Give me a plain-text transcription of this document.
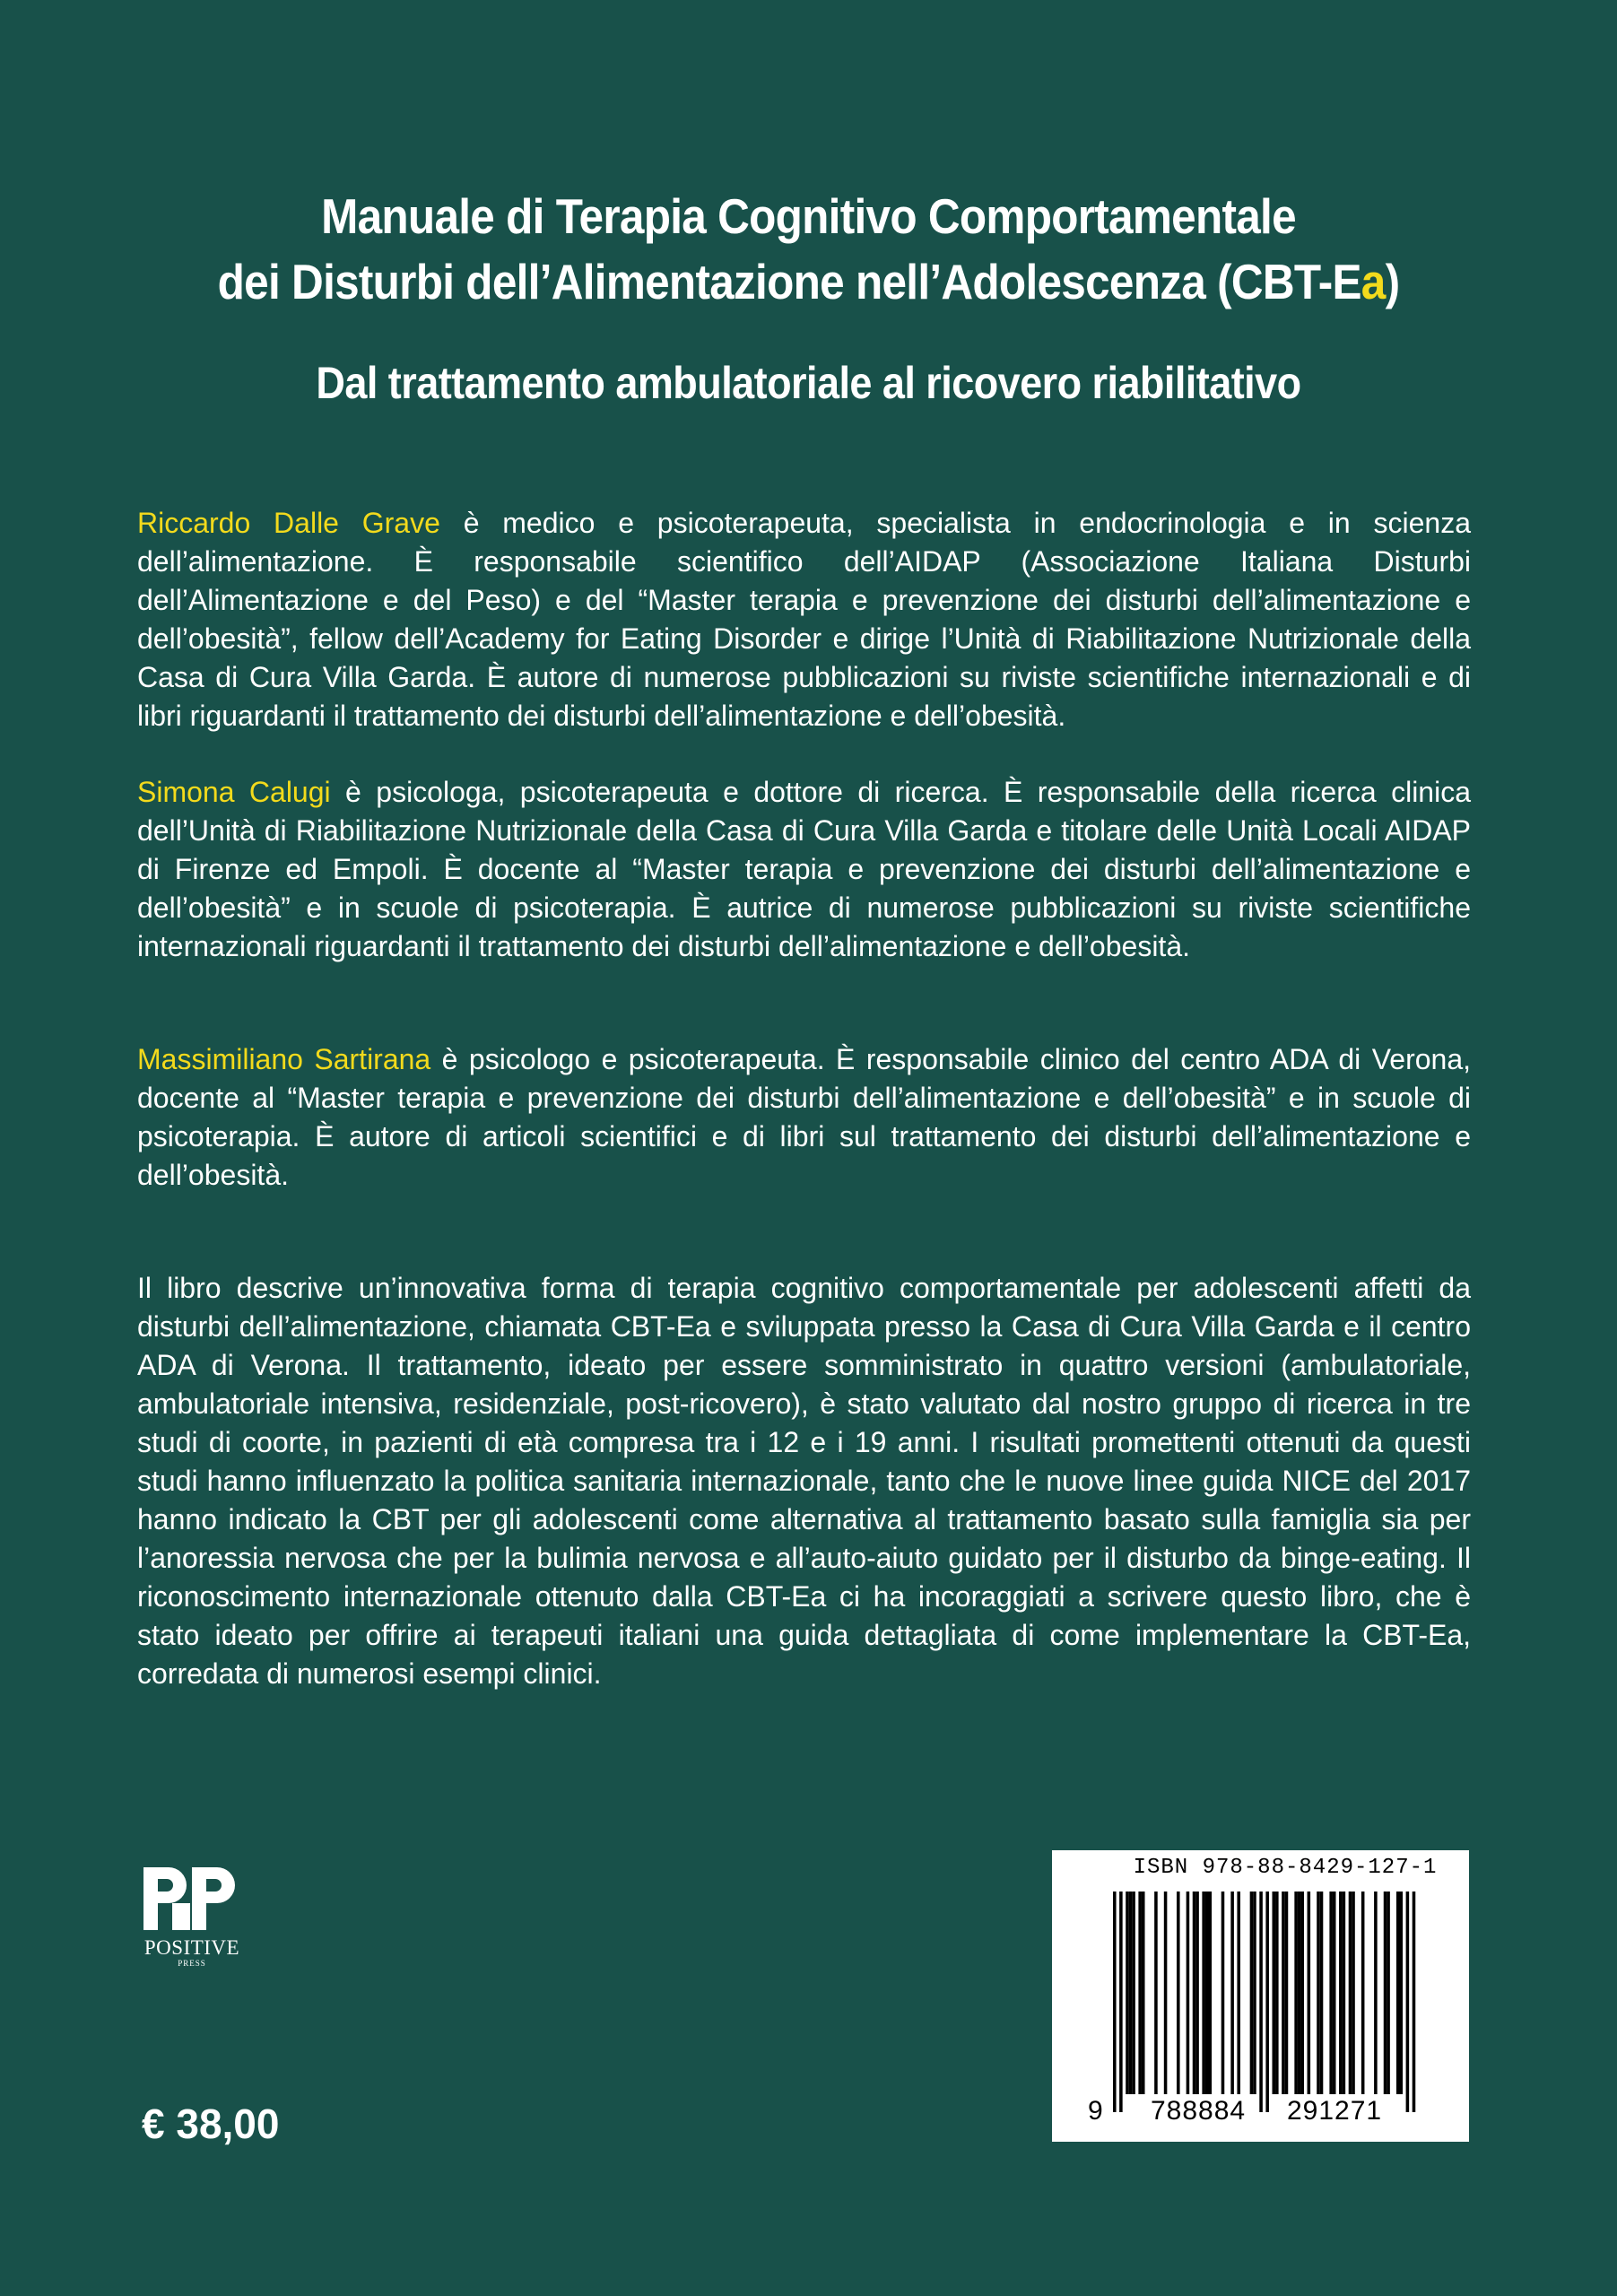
Manuale di Terapia Cognitivo Comportamentale
dei Disturbi dell’Alimentazione nell’Adolescenza (CBT-Ea)
Dal trattamento ambulatoriale al ricovero riabilitativo

Riccardo Dalle Grave è medico e psicoterapeuta, specialista in endocrinologia e in scienza dell’alimentazione. È responsabile scientifico dell’AIDAP (Associazione Italiana Disturbi dell’Alimentazione e del Peso) e del “Master terapia e prevenzione dei disturbi dell’alimentazione e dell’obesità”, fellow dell’Academy for Eating Disorder e dirige l’Unità di Riabilitazione Nutrizionale della Casa di Cura Villa Garda. È autore di numerose pubblicazioni su riviste scientifiche internazionali e di libri riguardanti il trattamento dei disturbi dell’alimentazione e dell’obesità.

Simona Calugi è psicologa, psicoterapeuta e dottore di ricerca. È responsabile della ricerca clinica dell’Unità di Riabilitazione Nutrizionale della Casa di Cura Villa Garda e titolare delle Unità Locali AIDAP di Firenze ed Empoli. È docente al “Master terapia e prevenzione dei disturbi dell’alimentazione e dell’obesità” e in scuole di psicoterapia. È autrice di numerose pubblicazioni su riviste scientifiche internazionali riguardanti il trattamento dei disturbi dell’alimentazione e dell’obesità.

Massimiliano Sartirana è psicologo e psicoterapeuta. È responsabile clinico del centro ADA di Verona, docente al “Master terapia e prevenzione dei disturbi dell’alimentazione e dell’obesità” e in scuole di psicoterapia. È autore di articoli scientifici e di libri sul trattamento dei disturbi dell’alimentazione e dell’obesità.

Il libro descrive un’innovativa forma di terapia cognitivo comportamentale per adolescenti affetti da disturbi dell’alimentazione, chiamata CBT-Ea e sviluppata presso la Casa di Cura Villa Garda e il centro ADA di Verona. Il trattamento, ideato per essere somministrato in quattro versioni (ambulatoriale, ambulatoriale intensiva, residenziale, post-ricovero), è stato valutato dal nostro gruppo di ricerca in tre studi di coorte, in pazienti di età compresa tra i 12 e i 19 anni. I risultati promettenti ottenuti da questi studi hanno influenzato la politica sanitaria internazionale, tanto che le nuove linee guida NICE del 2017 hanno indicato la CBT per gli adolescenti come alternativa al trattamento basato sulla famiglia sia per l’anoressia nervosa che per la bulimia nervosa e all’auto-aiuto guidato per il disturbo da binge-eating. Il riconoscimento internazionale ottenuto dalla CBT-Ea ci ha incoraggiati a scrivere questo libro, che è stato ideato per offrire ai terapeuti italiani una guida dettagliata di come implementare la CBT-Ea, corredata di numerosi esempi clinici.

POSITIVE
PRESS
€ 38,00
ISBN 978-88-8429-127-1
9 788884 291271
